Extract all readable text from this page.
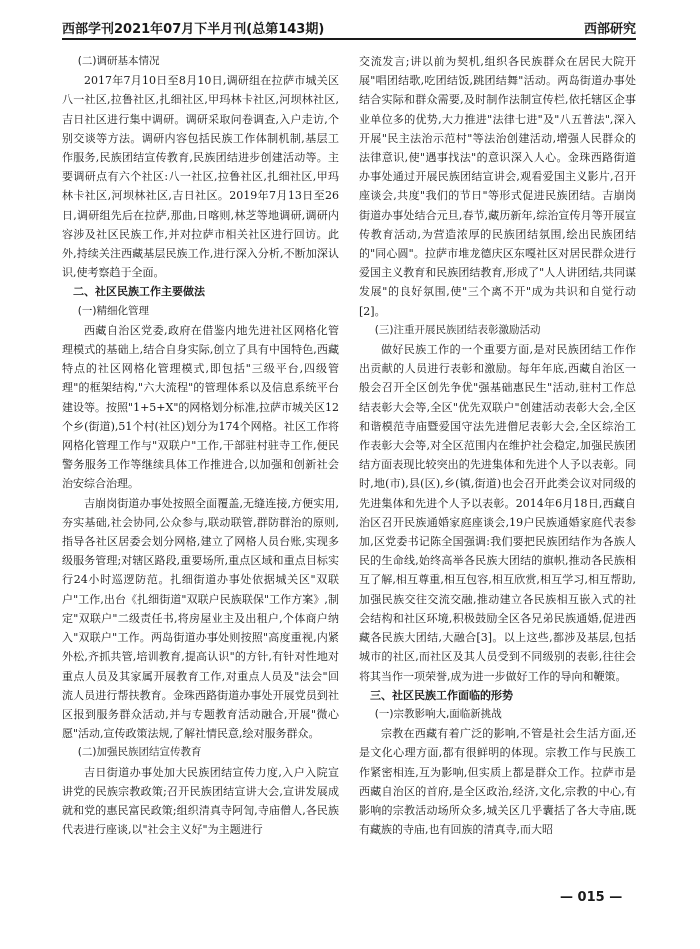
西部学刊2021年07月下半月刊(总第143期)	西部研究
(二)调研基本情况

2017年7月10日至8月10日,调研组在拉萨市城关区八一社区,拉鲁社区,扎细社区,甲玛林卡社区,河坝林社区,吉日社区进行集中调研。调研采取问卷调查,入户走访,个别交谈等方法。调研内容包括民族工作体制机制,基层工作服务,民族团结宣传教育,民族团结进步创建活动等。主要调研点有六个社区:八一社区,拉鲁社区,扎细社区,甲玛林卡社区,河坝林社区,吉日社区。2019年7月13日至26日,调研组先后在拉萨,那曲,日喀则,林芝等地调研,调研内容涉及社区民族工作,并对拉萨市相关社区进行回访。此外,持续关注西藏基层民族工作,进行深入分析,不断加深认识,使考察趋于全面。

二、社区民族工作主要做法
(一)精细化管理

西藏自治区党委,政府在借鉴内地先进社区网格化管理模式的基础上,结合自身实际,创立了具有中国特色,西藏特点的社区网格化管理模式,即包括"三级平台,四级管理"的框架结构,"六大流程"的管理体系以及信息系统平台建设等。按照"1+5+X"的网格划分标准,拉萨市城关区12个乡(街道),51个村(社区)划分为174个网格。社区工作将网格化管理工作与"双联户"工作,干部驻村驻寺工作,便民警务服务工作等继续具体工作推进合,以加强和创新社会治安综合治理。

吉崩岗街道办事处按照全面覆盖,无缝连接,方便实用,夯实基础,社会协同,公众参与,联动联管,群防群治的原则,指导各社区居委会划分网格,建立了网格人员台账,实现多级服务管理;对辖区路段,重要场所,重点区域和重点目标实行24小时巡逻防范。扎细街道办事处依据城关区"双联户"工作,出台《扎细街道"双联户民族联保"工作方案》,制定"双联户"二级责任书,将房屋业主及出租户,个体商户纳入"双联户"工作。两岛街道办事处则按照"高度重视,内紧外松,齐抓共管,培训教育,提高认识"的方针,有针对性地对重点人员及其家属开展教育工作,对重点人员及"法会"回流人员进行帮扶教育。金珠西路街道办事处开展党员到社区报到服务群众活动,并与专题教育活动融合,开展"微心愿"活动,宣传政策法规,了解社情民意,绘对服务群众。

(二)加强民族团结宣传教育

吉日街道办事处加大民族团结宣传力度,入户入院宣讲党的民族宗教政策;召开民族团结宣讲大会,宣讲发展成就和党的惠民富民政策;组织清真寺阿訇,寺庙僧人,各民族代表进行座谈,以"社会主义好"为主题进行

交流发言;讲以前为契机,组织各民族群众在居民大院开展"唱团结歌,吃团结饭,跳团结舞"活动。两岛街道办事处结合实际和群众需要,及时制作法制宣传栏,依托辖区企事业单位多的优势,大力推进"法律七进"及"八五普法",深入开展"民主法治示范村"等法治创建活动,增强人民群众的法律意识,使"遇事找法"的意识深入人心。金珠西路街道办事处通过开展民族团结宣讲会,观看爱国主义影片,召开座谈会,共度"我们的节日"等形式促进民族团结。吉崩岗街道办事处结合元旦,春节,藏历新年,综治宣传月等开展宣传教育活动,为营造浓厚的民族团结氛围,绘出民族团结的"同心圆"。拉萨市堆龙德庆区东嘎社区对居民群众进行爱国主义教育和民族团结教育,形成了"人人讲团结,共同谋发展"的良好氛围,使"三个离不开"成为共识和自觉行动[2]。

(三)注重开展民族团结表彰激励活动

做好民族工作的一个重要方面,是对民族团结工作作出贡献的人员进行表彰和激励。每年年底,西藏自治区一般会召开全区创先争优"强基础惠民生"活动,驻村工作总结表彰大会等,全区"优先双联户"创建活动表彰大会,全区和谐模范寺庙暨爱国守法先进僧尼表彰大会,全区综治工作表彰大会等,对全区范围内在维护社会稳定,加强民族团结方面表现比较突出的先进集体和先进个人予以表彰。同时,地(市),县(区),乡(镇,街道)也会召开此类会议对同级的先进集体和先进个人予以表彰。2014年6月18日,西藏自治区召开民族通婚家庭座谈会,19户民族通婚家庭代表参加,区党委书记陈全国强调:我们要把民族团结作为各族人民的生命线,始终高举各民族大团结的旗帜,推动各民族相互了解,相互尊重,相互包容,相互欣赏,相互学习,相互帮助,加强民族交往交流交融,推动建立各民族相互嵌入式的社会结构和社区环境,积极鼓励全区各兄弟民族通婚,促进西藏各民族大团结,大融合[3]。以上这些,都涉及基层,包括城市的社区,而社区及其人员受到不同级别的表彰,往往会将其当作一项荣誉,成为进一步做好工作的导向和鞭策。

三、社区民族工作面临的形势
(一)宗教影响大,面临新挑战

宗教在西藏有着广泛的影响,不管是社会生活方面,还是文化心理方面,都有很鲜明的体现。宗教工作与民族工作紧密相连,互为影响,但实质上都是群众工作。拉萨市是西藏自治区的首府,是全区政治,经济,文化,宗教的中心,有影响的宗教活动场所众多,城关区几乎囊括了各大寺庙,既有藏族的寺庙,也有回族的清真寺,而大昭

— 015 —
